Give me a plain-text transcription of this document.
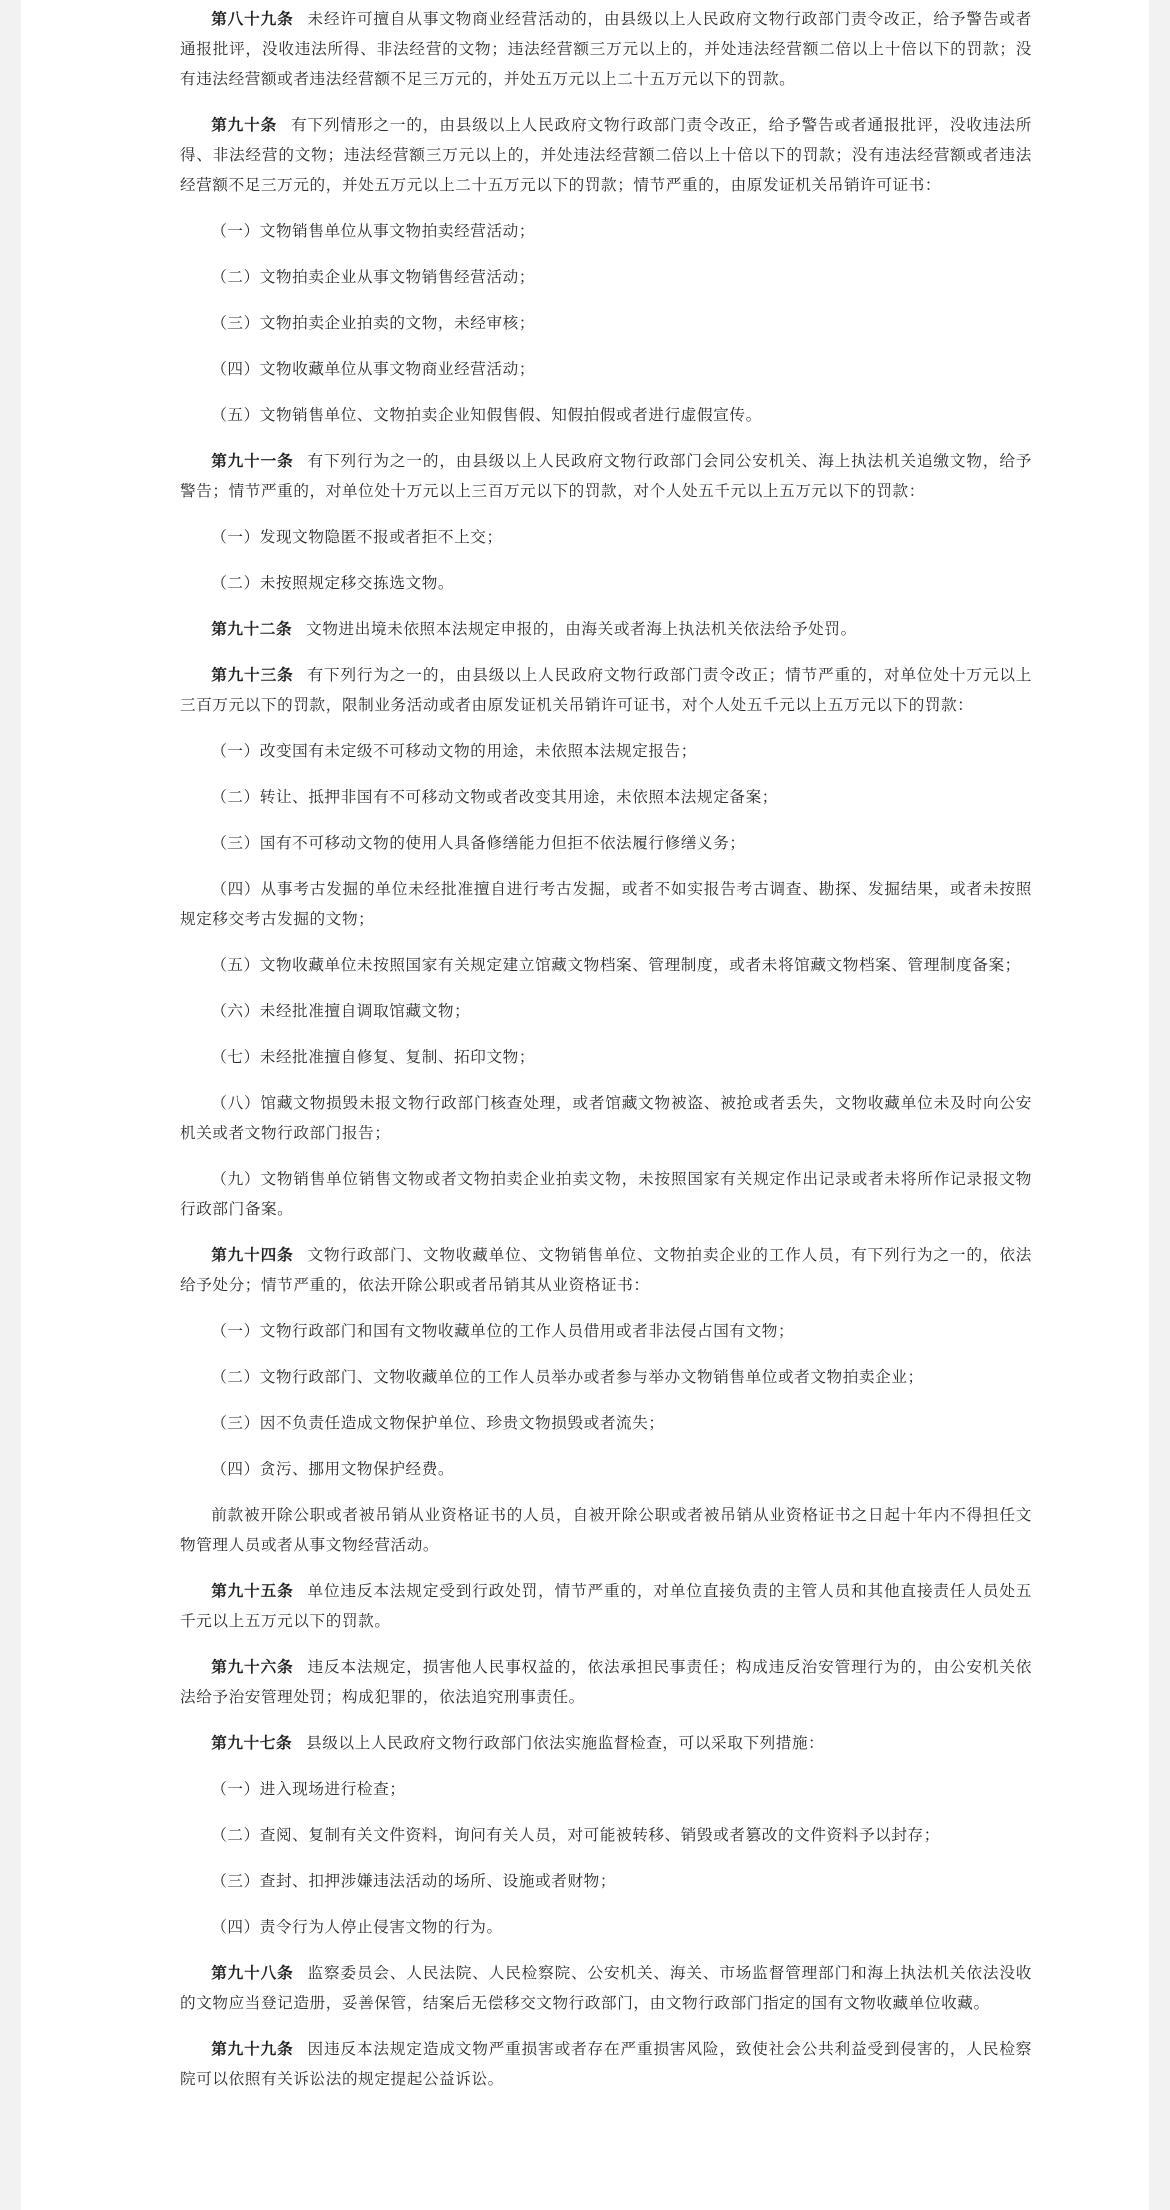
第八十九条 未经许可擅自从事文物商业经营活动的，由县级以上人民政府文物行政部门责令改正，给予警告或者通报批评，没收违法所得、非法经营的文物；违法经营额三万元以上的，并处违法经营额二倍以上十倍以下的罚款；没有违法经营额或者违法经营额不足三万元的，并处五万元以上二十五万元以下的罚款。

第九十条 有下列情形之一的，由县级以上人民政府文物行政部门责令改正，给予警告或者通报批评，没收违法所得、非法经营的文物；违法经营额三万元以上的，并处违法经营额二倍以上十倍以下的罚款；没有违法经营额或者违法经营额不足三万元的，并处五万元以上二十五万元以下的罚款；情节严重的，由原发证机关吊销许可证书：

（一）文物销售单位从事文物拍卖经营活动；

（二）文物拍卖企业从事文物销售经营活动；

（三）文物拍卖企业拍卖的文物，未经审核；

（四）文物收藏单位从事文物商业经营活动；

（五）文物销售单位、文物拍卖企业知假售假、知假拍假或者进行虚假宣传。

第九十一条 有下列行为之一的，由县级以上人民政府文物行政部门会同公安机关、海上执法机关追缴文物，给予警告；情节严重的，对单位处十万元以上三百万元以下的罚款，对个人处五千元以上五万元以下的罚款：

（一）发现文物隐匿不报或者拒不上交；

（二）未按照规定移交拣选文物。

第九十二条 文物进出境未依照本法规定申报的，由海关或者海上执法机关依法给予处罚。

第九十三条 有下列行为之一的，由县级以上人民政府文物行政部门责令改正；情节严重的，对单位处十万元以上三百万元以下的罚款，限制业务活动或者由原发证机关吊销许可证书，对个人处五千元以上五万元以下的罚款：

（一）改变国有未定级不可移动文物的用途，未依照本法规定报告；

（二）转让、抵押非国有不可移动文物或者改变其用途，未依照本法规定备案；

（三）国有不可移动文物的使用人具备修缮能力但拒不依法履行修缮义务；

（四）从事考古发掘的单位未经批准擅自进行考古发掘，或者不如实报告考古调查、勘探、发掘结果，或者未按照规定移交考古发掘的文物；

（五）文物收藏单位未按照国家有关规定建立馆藏文物档案、管理制度，或者未将馆藏文物档案、管理制度备案；

（六）未经批准擅自调取馆藏文物；

（七）未经批准擅自修复、复制、拓印文物；

（八）馆藏文物损毁未报文物行政部门核查处理，或者馆藏文物被盗、被抢或者丢失，文物收藏单位未及时向公安机关或者文物行政部门报告；

（九）文物销售单位销售文物或者文物拍卖企业拍卖文物，未按照国家有关规定作出记录或者未将所作记录报文物行政部门备案。

第九十四条 文物行政部门、文物收藏单位、文物销售单位、文物拍卖企业的工作人员，有下列行为之一的，依法给予处分；情节严重的，依法开除公职或者吊销其从业资格证书：

（一）文物行政部门和国有文物收藏单位的工作人员借用或者非法侵占国有文物；

（二）文物行政部门、文物收藏单位的工作人员举办或者参与举办文物销售单位或者文物拍卖企业；

（三）因不负责任造成文物保护单位、珍贵文物损毁或者流失；

（四）贪污、挪用文物保护经费。

前款被开除公职或者被吊销从业资格证书的人员，自被开除公职或者被吊销从业资格证书之日起十年内不得担任文物管理人员或者从事文物经营活动。

第九十五条 单位违反本法规定受到行政处罚，情节严重的，对单位直接负责的主管人员和其他直接责任人员处五千元以上五万元以下的罚款。

第九十六条 违反本法规定，损害他人民事权益的，依法承担民事责任；构成违反治安管理行为的，由公安机关依法给予治安管理处罚；构成犯罪的，依法追究刑事责任。

第九十七条 县级以上人民政府文物行政部门依法实施监督检查，可以采取下列措施：

（一）进入现场进行检查；

（二）查阅、复制有关文件资料，询问有关人员，对可能被转移、销毁或者篡改的文件资料予以封存；

（三）查封、扣押涉嫌违法活动的场所、设施或者财物；

（四）责令行为人停止侵害文物的行为。

第九十八条 监察委员会、人民法院、人民检察院、公安机关、海关、市场监督管理部门和海上执法机关依法没收的文物应当登记造册，妥善保管，结案后无偿移交文物行政部门，由文物行政部门指定的国有文物收藏单位收藏。

第九十九条 因违反本法规定造成文物严重损害或者存在严重损害风险，致使社会公共利益受到侵害的，人民检察院可以依照有关诉讼法的规定提起公益诉讼。
